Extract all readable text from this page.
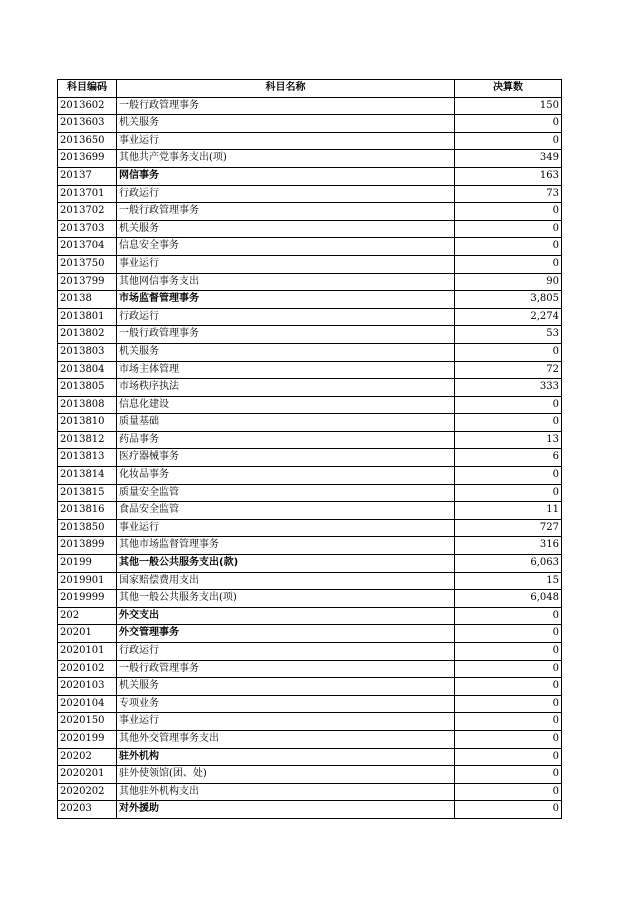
科目编码	科目名称	决算数
2013602	一般行政管理事务	150
2013603	机关服务	0
2013650	事业运行	0
2013699	其他共产党事务支出(项)	349
20137	网信事务	163
2013701	行政运行	73
2013702	一般行政管理事务	0
2013703	机关服务	0
2013704	信息安全事务	0
2013750	事业运行	0
2013799	其他网信事务支出	90
20138	市场监督管理事务	3,805
2013801	行政运行	2,274
2013802	一般行政管理事务	53
2013803	机关服务	0
2013804	市场主体管理	72
2013805	市场秩序执法	333
2013808	信息化建设	0
2013810	质量基础	0
2013812	药品事务	13
2013813	医疗器械事务	6
2013814	化妆品事务	0
2013815	质量安全监管	0
2013816	食品安全监管	11
2013850	事业运行	727
2013899	其他市场监督管理事务	316
20199	其他一般公共服务支出(款)	6,063
2019901	国家赔偿费用支出	15
2019999	其他一般公共服务支出(项)	6,048
202	外交支出	0
20201	外交管理事务	0
2020101	行政运行	0
2020102	一般行政管理事务	0
2020103	机关服务	0
2020104	专项业务	0
2020150	事业运行	0
2020199	其他外交管理事务支出	0
20202	驻外机构	0
2020201	驻外使领馆(团、处)	0
2020202	其他驻外机构支出	0
20203	对外援助	0
